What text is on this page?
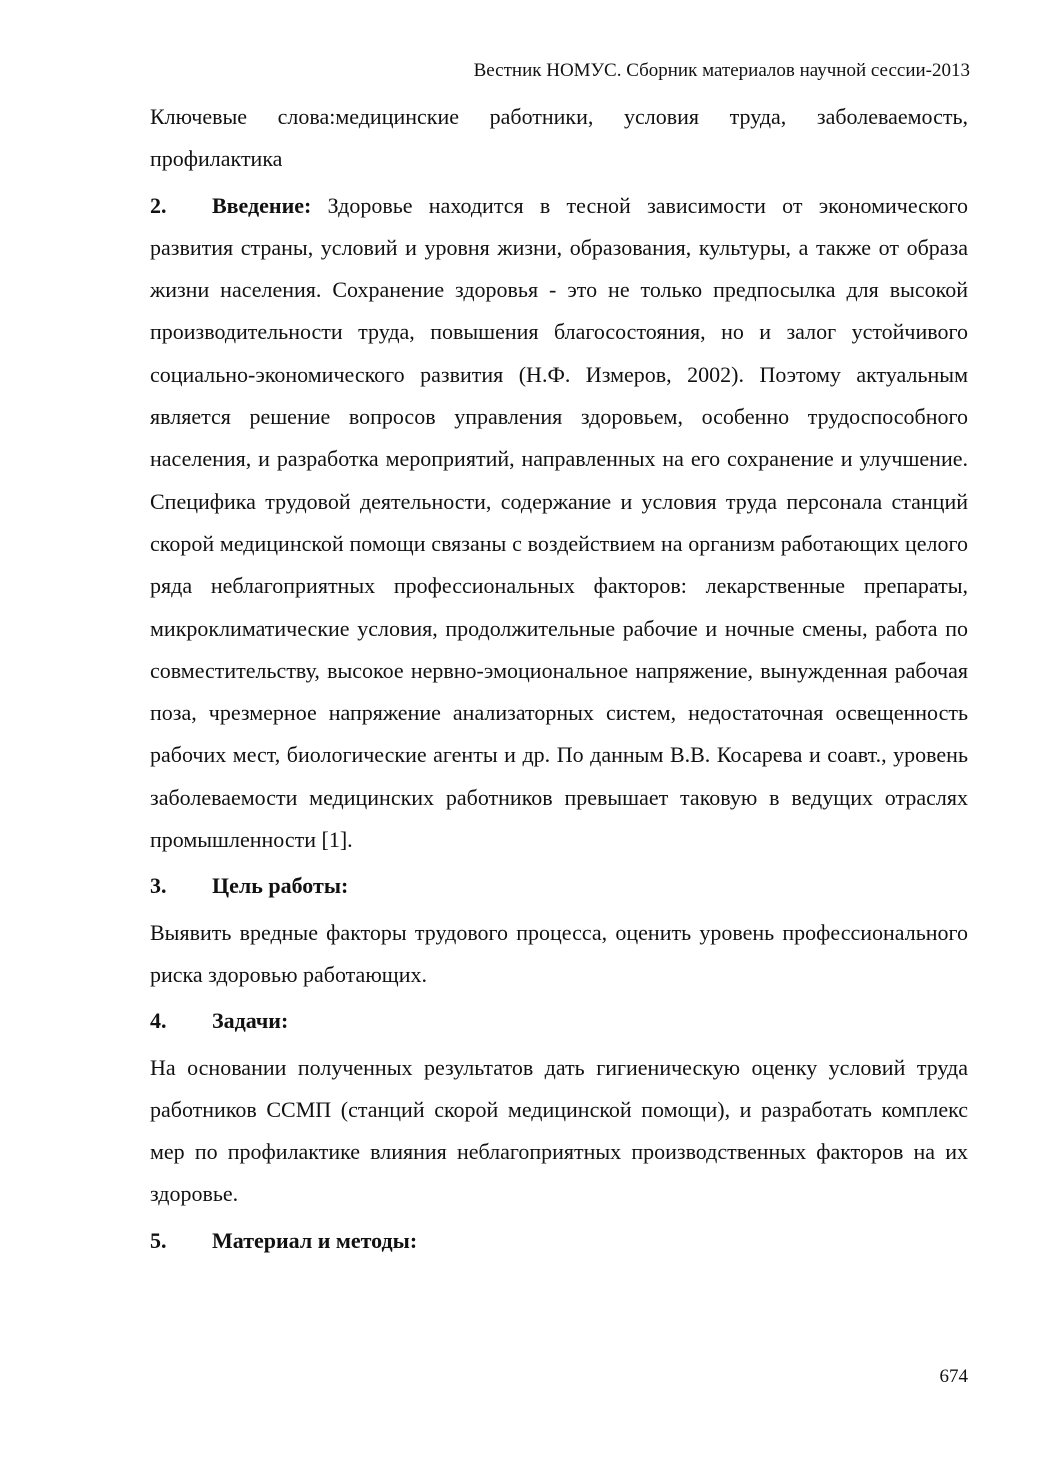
Вестник НОМУС. Сборник материалов научной сессии-2013

Ключевые слова:медицинские работники, условия труда, заболеваемость, профилактика

2. Введение: Здоровье находится в тесной зависимости от экономического развития страны, условий и уровня жизни, образования, культуры, а также от образа жизни населения. Сохранение здоровья - это не только предпосылка для высокой производительности труда, повышения благосостояния, но и залог устойчивого социально-экономического развития (Н.Ф. Измеров, 2002). Поэтому актуальным является решение вопросов управления здоровьем, особенно трудоспособного населения, и разработка мероприятий, направленных на его сохранение и улучшение. Специфика трудовой деятельности, содержание и условия труда персонала станций скорой медицинской помощи связаны с воздействием на организм работающих целого ряда неблагоприятных профессиональных факторов: лекарственные препараты, микроклиматические условия, продолжительные рабочие и ночные смены, работа по совместительству, высокое нервно-эмоциональное напряжение, вынужденная рабочая поза, чрезмерное напряжение анализаторных систем, недостаточная освещенность рабочих мест, биологические агенты и др. По данным В.В. Косарева и соавт., уровень заболеваемости медицинских работников превышает таковую в ведущих отраслях промышленности [1].

3.	Цель работы:

Выявить вредные факторы трудового процесса, оценить уровень профессионального риска здоровью работающих.

4.	Задачи:

На основании полученных результатов дать гигиеническую оценку условий труда работников ССМП (станций скорой медицинской помощи), и разработать комплекс мер по профилактике влияния неблагоприятных производственных факторов на их здоровье.

5.	Материал и методы:
674
